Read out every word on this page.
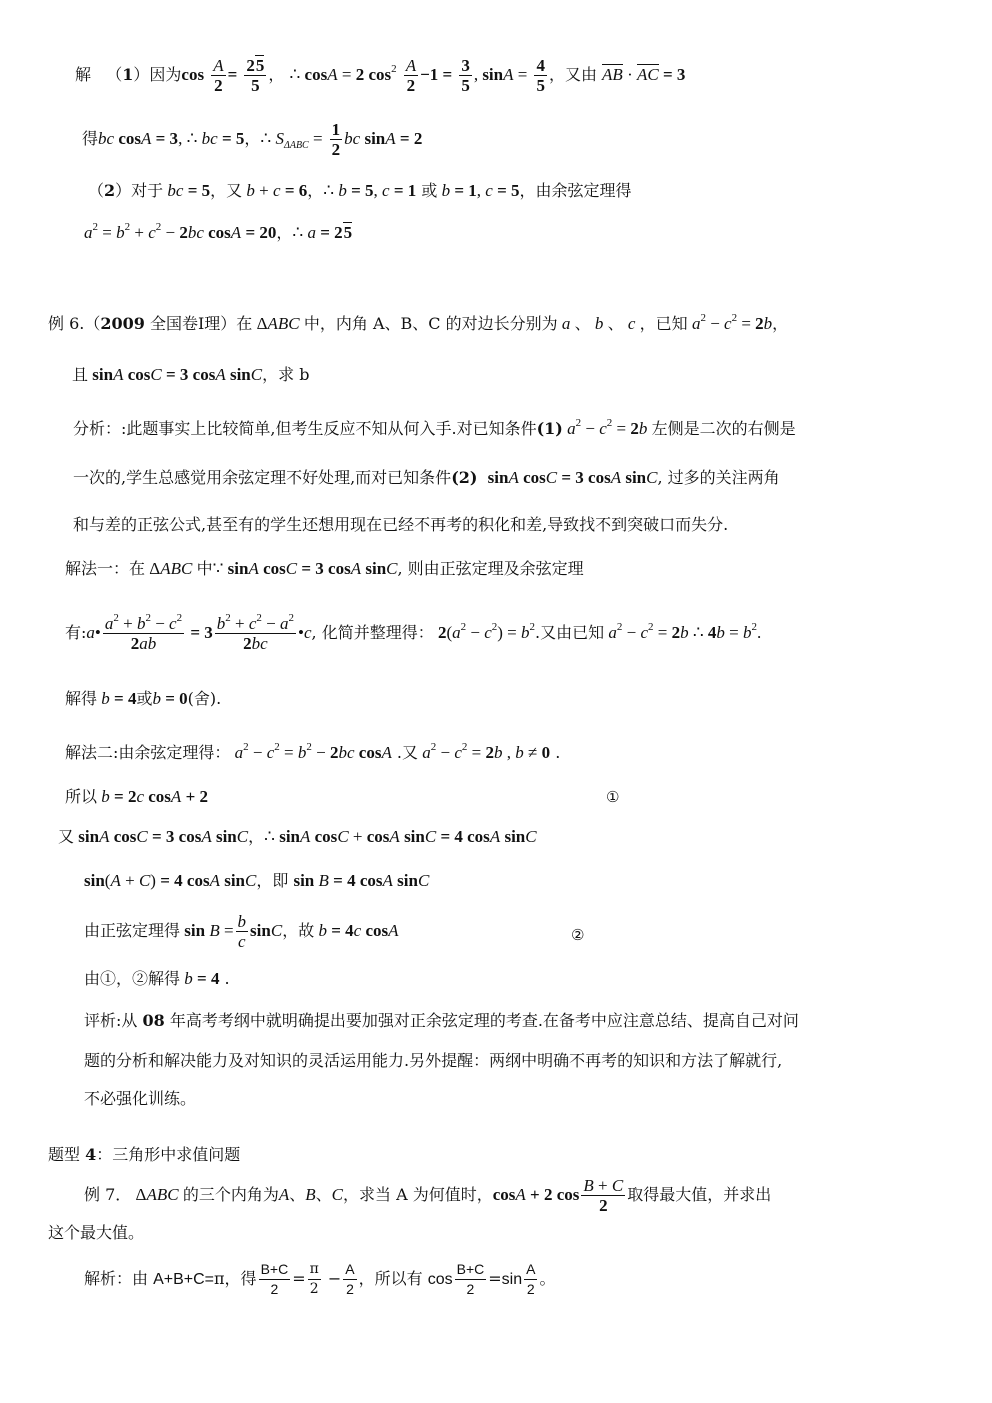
解   （1）因为$\cos \frac{A}{2} = \frac{25}{5}$ ， ∴ cosA = 2 $\cos^2 \frac{A}{2} -1 = \frac{3}{5}$ , $\sin A = \frac{4}{5}$ ，又由 AB · AC = 3
得bc cosA = 3, ∴ bc = 5，∴ $S_{\Delta ABC} = \frac{1}{2}$ bc sinA = 2
（2）对于 bc = 5，又 b + c = 6，∴ b = 5, c = 1 或 b = 1, c = 5，由余弦定理得
$a^2 = b^2 + c^2 - 2bc$ cosA = 20，∴ a = 25
例 6.（2009 全国卷Ⅰ理）在 ΔABC 中，内角 A、B、C 的对边长分别为 a 、 b 、 c ，已知 $a^2 - c^2 = 2b$，
且 sinA cosC = 3 cosA sinC，求 b
分析：:此题事实上比较简单,但考生反应不知从何入手.对已知条件(1) $a^2 - c^2 = 2b$ 左侧是二次的右侧是
一次的,学生总感觉用余弦定理不好处理,而对已知条件(2) sinA cosC = 3 cosA sinC, 过多的关注两角
和与差的正弦公式,甚至有的学生还想用现在已经不再考的积化和差,导致找不到突破口而失分.
解法一：在 ΔABC 中∵ sinA cosC = 3 cosA sinC, 则由正弦定理及余弦定理
有:a• $\frac{a^2 + b^2 - c^2}{2ab} = 3 \frac{b^2 + c^2 - a^2}{2bc}$ •c, 化简并整理得： $2(a^2 - c^2) = b^2$.又由已知 $a^2 - c^2 = 2b$ ∴ $4b = b^2$.
解得 b = 4或b = 0(舍).
解法二:由余弦定理得： $a^2 - c^2 = b^2 - 2bc$ cosA .又 $a^2 - c^2 = 2b$ , b ≠ 0 .
所以 b = 2c cosA + 2	①
又 sinA cosC = 3 cosA sinC，∴ sinA cosC + cosA sinC = 4 cosA sinC
sin(A + C) = 4 cosA sinC，即 sin B = 4 cosA sinC
由正弦定理得 $\sin B = \frac{b}{c}$ sinC，故 b = 4c cosA	②
由①，②解得 b = 4 .
评析:从 08 年高考考纲中就明确提出要加强对正余弦定理的考查.在备考中应注意总结、提高自己对问
题的分析和解决能力及对知识的灵活运用能力.另外提醒：两纲中明确不再考的知识和方法了解就行,
不必强化训练。
题型 4：三角形中求值问题
例 7． ΔABC 的三个内角为A、B、C，求当 A 为何值时，cosA + 2 $\cos \frac{B + C}{2}$ 取得最大值，并求出
这个最大值。
解析：由 A+B+C=π，得 $\frac{B+C}{2} = \frac{\pi}{2} - \frac{A}{2}$ ，所以有 $\cos \frac{B+C}{2} =\sin \frac{A}{2}$ 。
